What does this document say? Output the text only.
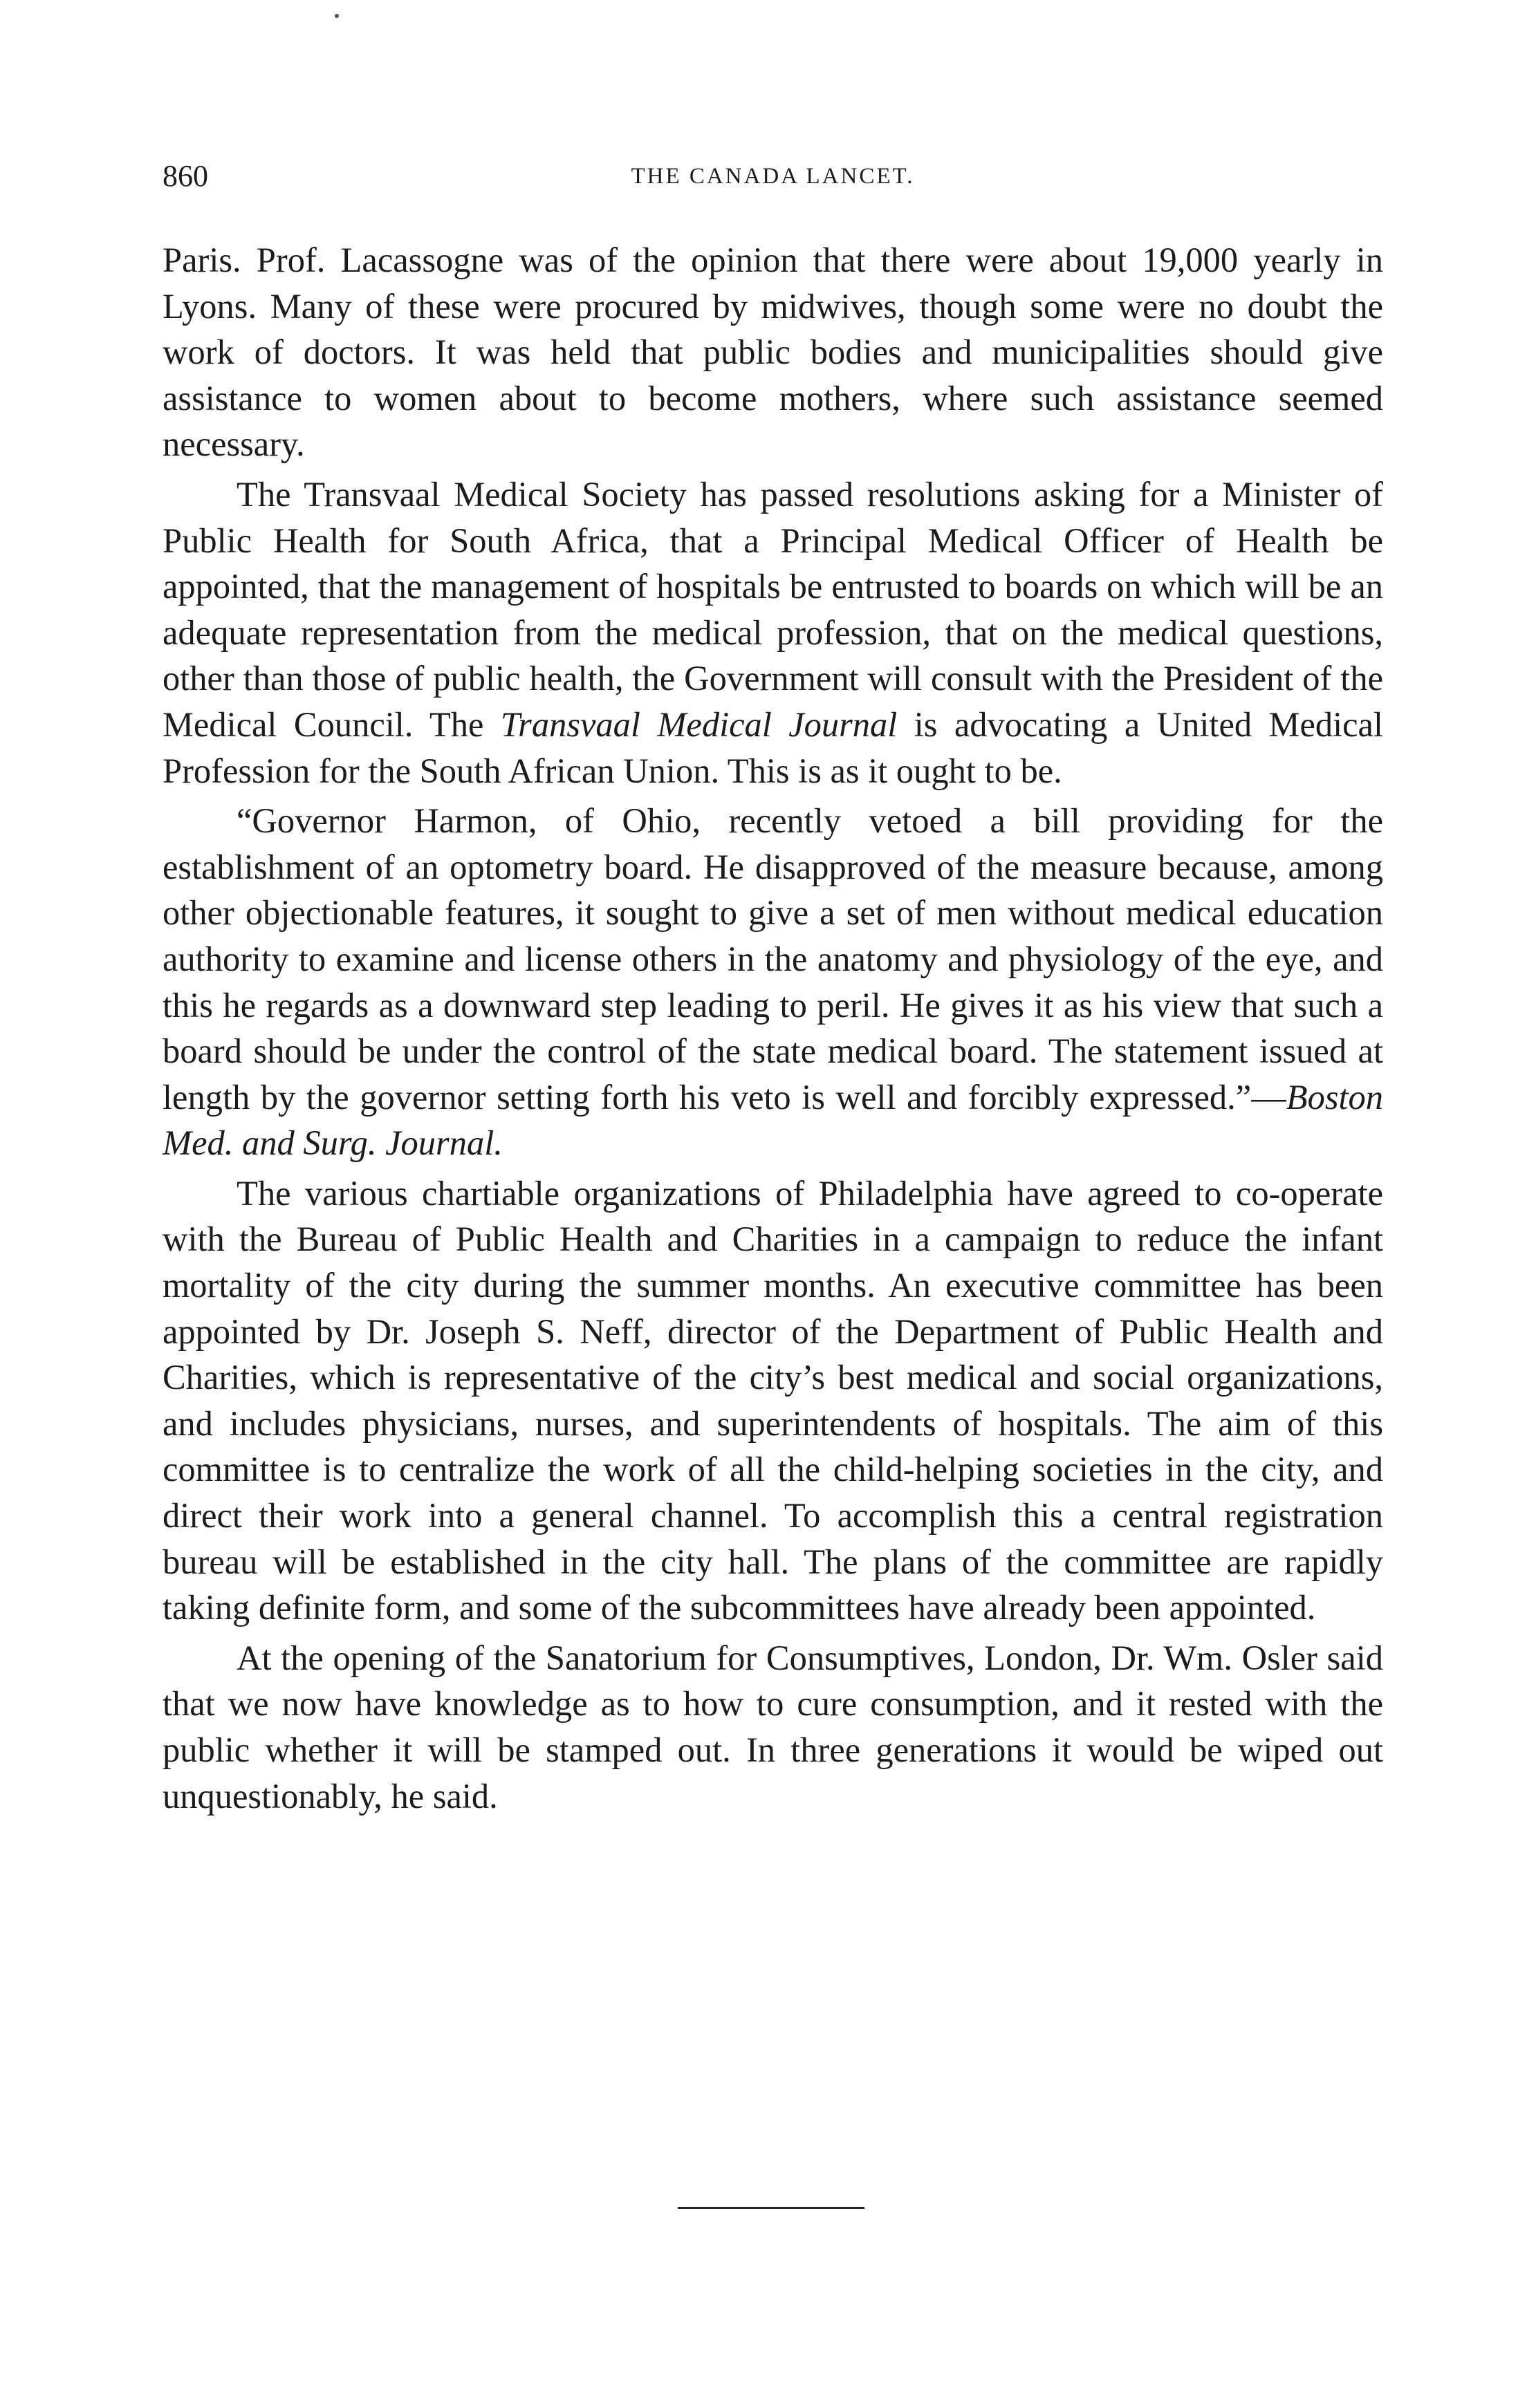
860	THE CANADA LANCET.

Paris. Prof. Lacassogne was of the opinion that there were about 19,000 yearly in Lyons. Many of these were procured by midwives, though some were no doubt the work of doctors. It was held that public bodies and municipalities should give assistance to women about to become mothers, where such assistance seemed necessary.

The Transvaal Medical Society has passed resolutions asking for a Minister of Public Health for South Africa, that a Principal Medical Officer of Health be appointed, that the management of hospitals be entrusted to boards on which will be an adequate representation from the medical profession, that on the medical questions, other than those of public health, the Government will consult with the President of the Medical Council. The Transvaal Medical Journal is advocating a United Medical Profession for the South African Union. This is as it ought to be.

“Governor Harmon, of Ohio, recently vetoed a bill providing for the establishment of an optometry board. He disapproved of the measure because, among other objectionable features, it sought to give a set of men without medical education authority to examine and license others in the anatomy and physiology of the eye, and this he regards as a downward step leading to peril. He gives it as his view that such a board should be under the control of the state medical board. The statement issued at length by the governor setting forth his veto is well and forcibly expressed.”—Boston Med. and Surg. Journal.

The various chartiable organizations of Philadelphia have agreed to co-operate with the Bureau of Public Health and Charities in a campaign to reduce the infant mortality of the city during the summer months. An executive committee has been appointed by Dr. Joseph S. Neff, director of the Department of Public Health and Charities, which is representative of the city’s best medical and social organizations, and includes physicians, nurses, and superintendents of hospitals. The aim of this committee is to centralize the work of all the child-helping societies in the city, and direct their work into a general channel. To accomplish this a central registration bureau will be established in the city hall. The plans of the committee are rapidly taking definite form, and some of the subcommittees have already been appointed.

At the opening of the Sanatorium for Consumptives, London, Dr. Wm. Osler said that we now have knowledge as to how to cure consumption, and it rested with the public whether it will be stamped out. In three generations it would be wiped out unquestionably, he said.
